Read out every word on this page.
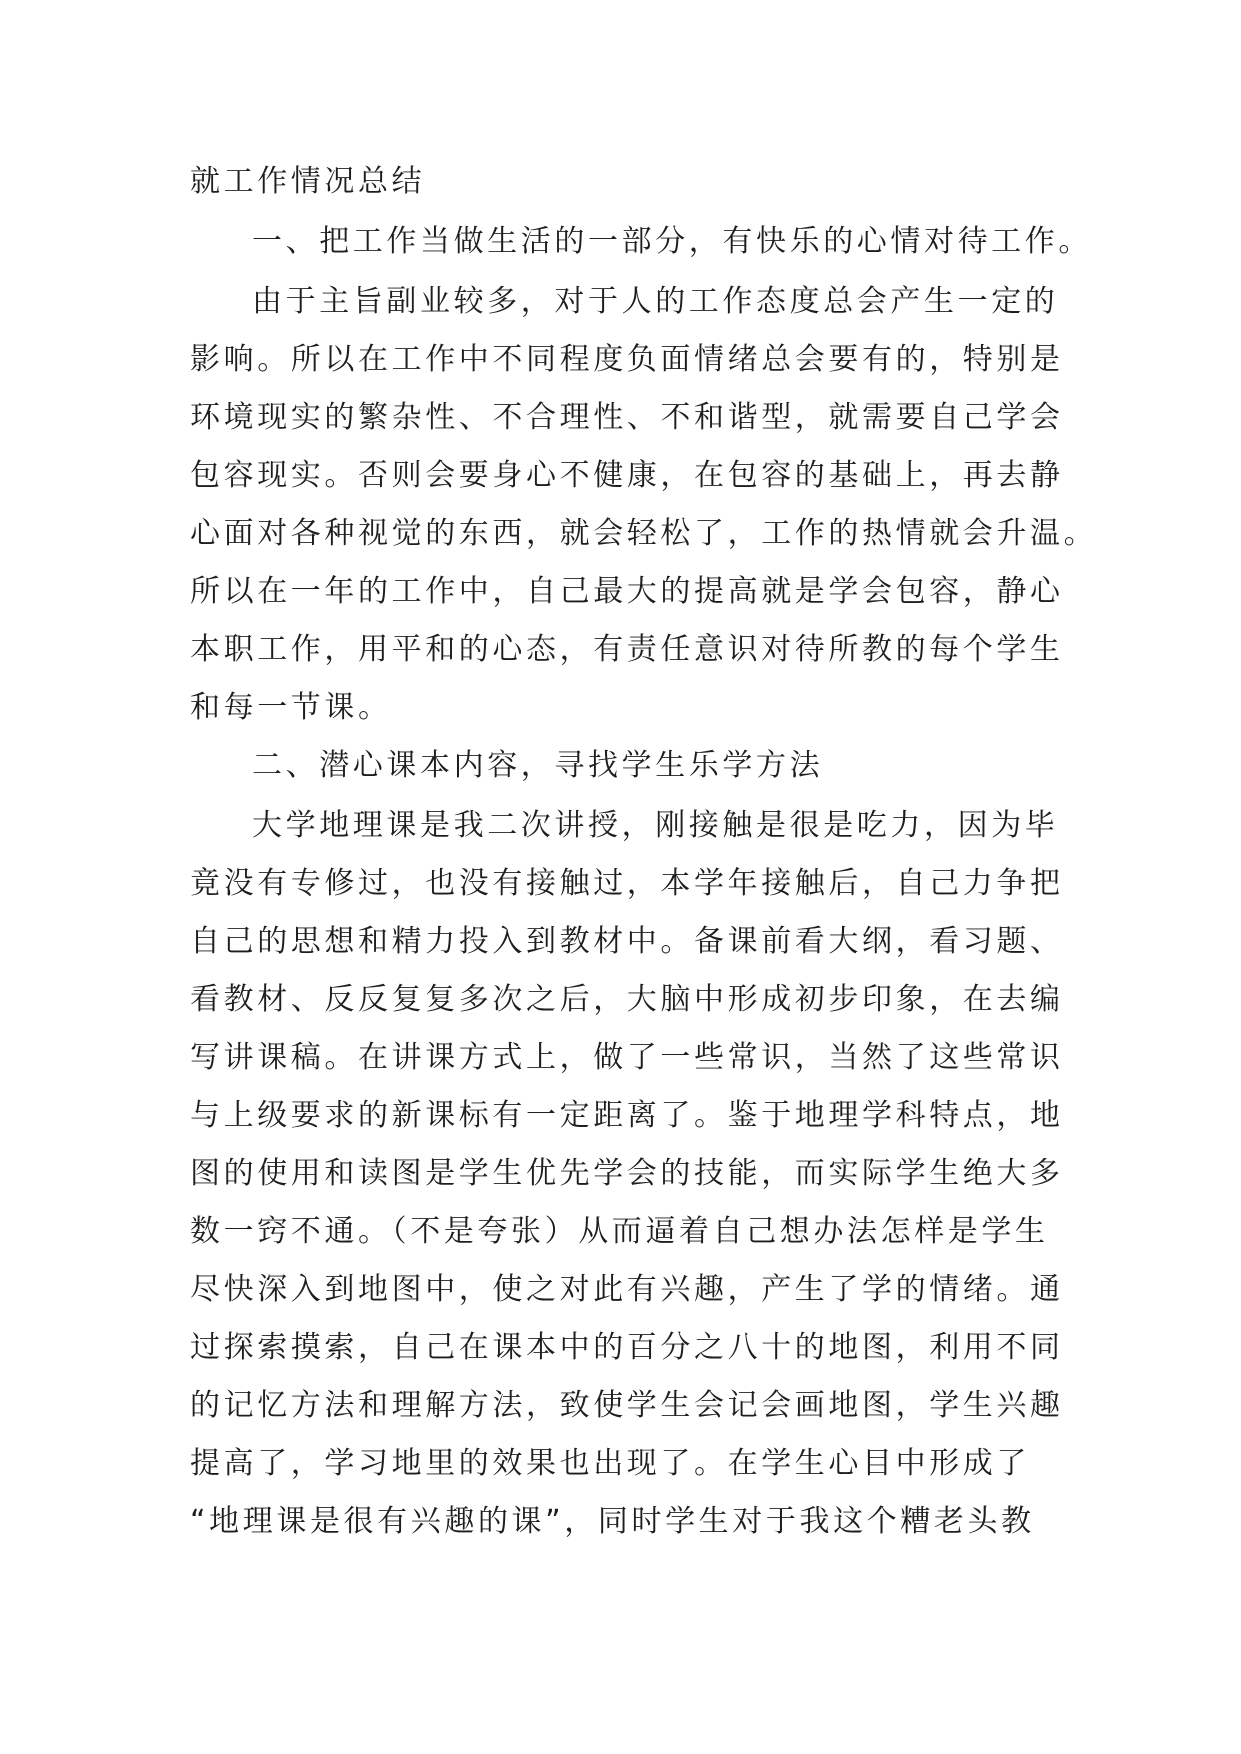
就工作情况总结
一、把工作当做生活的一部分，有快乐的心情对待工作。
由于主旨副业较多，对于人的工作态度总会产生一定的
影响。所以在工作中不同程度负面情绪总会要有的，特别是
环境现实的繁杂性、不合理性、不和谐型，就需要自己学会
包容现实。否则会要身心不健康，在包容的基础上，再去静
心面对各种视觉的东西，就会轻松了，工作的热情就会升温。
所以在一年的工作中，自己最大的提高就是学会包容，静心
本职工作，用平和的心态，有责任意识对待所教的每个学生
和每一节课。
二、潜心课本内容，寻找学生乐学方法
大学地理课是我二次讲授，刚接触是很是吃力，因为毕
竟没有专修过，也没有接触过，本学年接触后，自己力争把
自己的思想和精力投入到教材中。备课前看大纲，看习题、
看教材、反反复复多次之后，大脑中形成初步印象，在去编
写讲课稿。在讲课方式上，做了一些常识，当然了这些常识
与上级要求的新课标有一定距离了。鉴于地理学科特点，地
图的使用和读图是学生优先学会的技能，而实际学生绝大多
数一窍不通。（不是夸张）从而逼着自己想办法怎样是学生
尽快深入到地图中，使之对此有兴趣，产生了学的情绪。通
过探索摸索，自己在课本中的百分之八十的地图，利用不同
的记忆方法和理解方法，致使学生会记会画地图，学生兴趣
提高了，学习地里的效果也出现了。在学生心目中形成了
“地理课是很有兴趣的课”，同时学生对于我这个糟老头教
